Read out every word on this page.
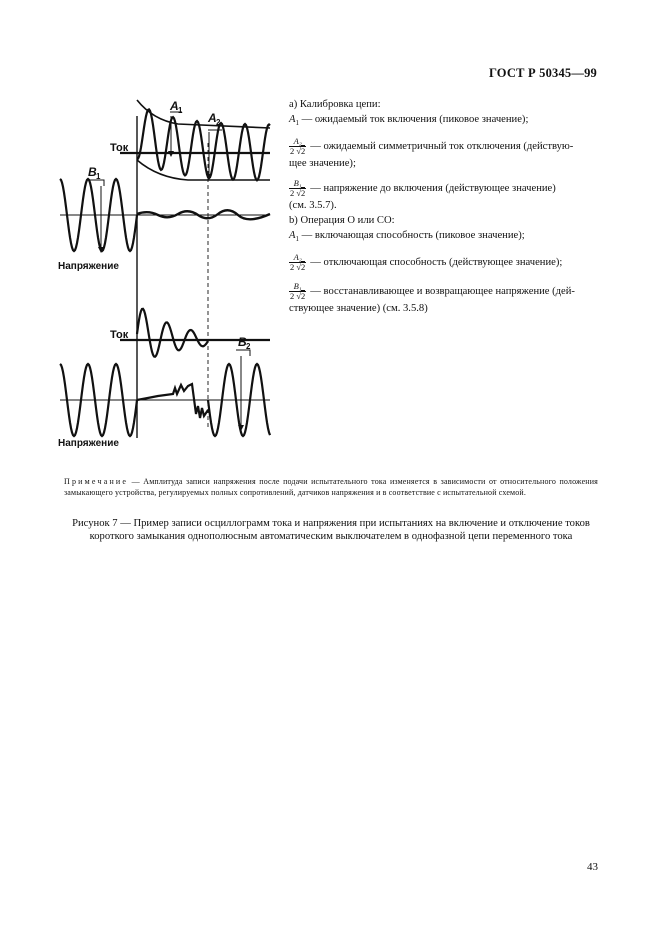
ГОСТ Р 50345—99
Ток
Напряжение
Ток
Напряжение
A 1
A 2
B 1
B 2
а) Калибровка цепи:
$A_1$ — ожидаемый ток включения (пиковое значение);
$\frac{\text{A₂}}{2 √2}$ — ожидаемый симметричный ток отключения (действую-
щее значение);
$\frac{\text{B₁}}{2 √2}$ — напряжение до включения (действующее значение)
(см. 3.5.7).
b) Операция О или СО:
$A_1$ — включающая способность (пиковое значение);
$\frac{\text{A₂}}{2 √2}$ — отключающая способность (действующее значение);
$\frac{\text{B₁}}{2 √2}$ — восстанавливающее и возвращающее напряжение (дей-
ствующее значение) (см. 3.5.8)
Примечание — Амплитуда записи напряжения после подачи испытательного тока изменяется в зависимости от относительного положения замыкающего устройства, регулируемых полных сопротивлений, датчиков напряжения и в соответствие с испытательной схемой.
Рисунок 7 — Пример записи осциллограмм тока и напряжения при испытаниях на включение и отключение токов короткого замыкания однополюсным автоматическим выключателем в однофазной цепи переменного тока
43
